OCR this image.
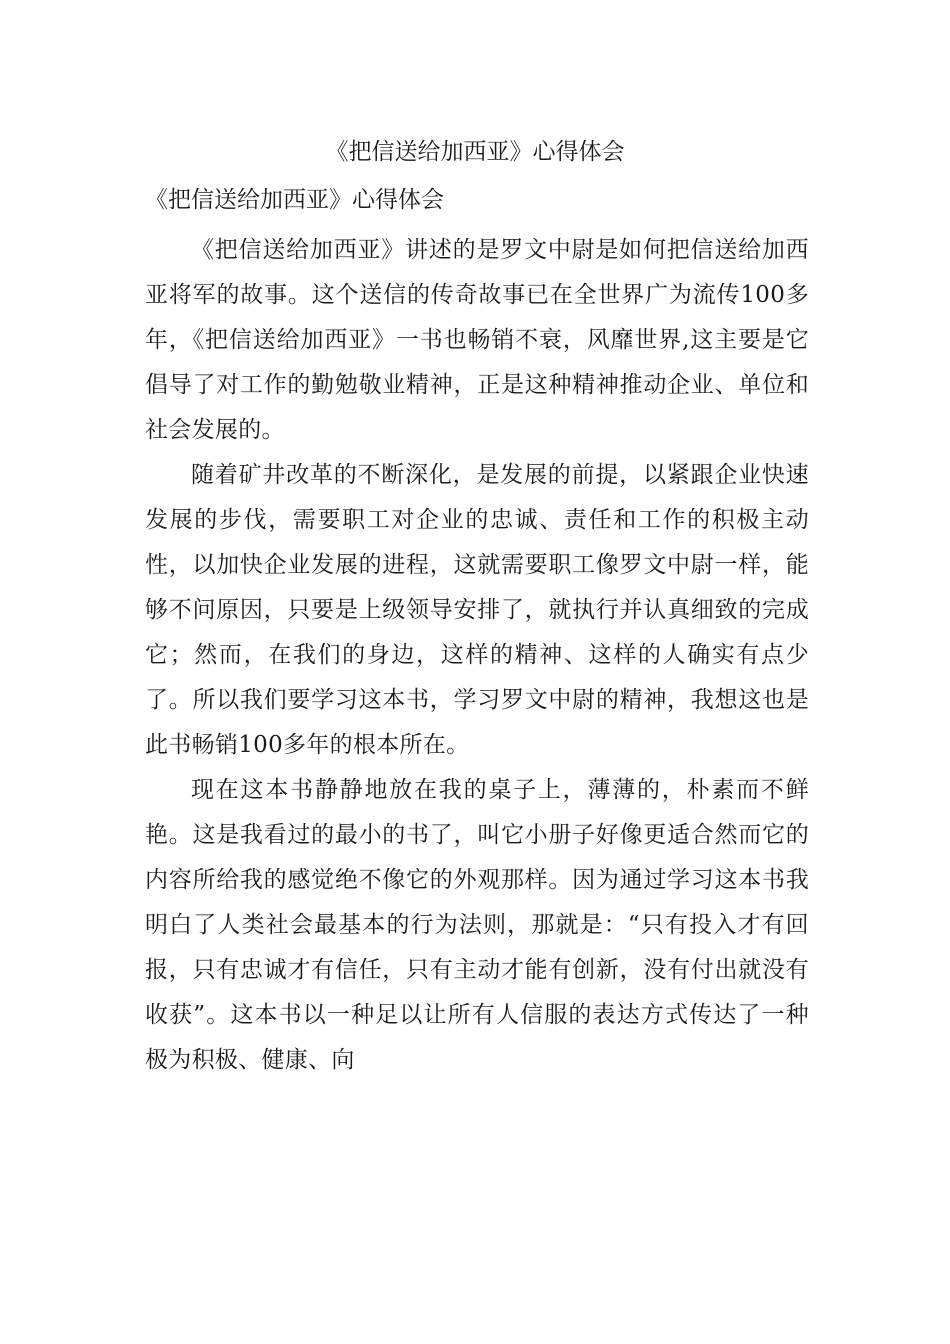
《把信送给加西亚》心得体会

《把信送给加西亚》心得体会

《把信送给加西亚》讲述的是罗文中尉是如何把信送给加西亚将军的故事。这个送信的传奇故事已在全世界广为流传100多年，《把信送给加西亚》一书也畅销不衰，风靡世界,这主要是它倡导了对工作的勤勉敬业精神，正是这种精神推动企业、单位和社会发展的。

随着矿井改革的不断深化，是发展的前提，以紧跟企业快速发展的步伐，需要职工对企业的忠诚、责任和工作的积极主动性，以加快企业发展的进程，这就需要职工像罗文中尉一样，能够不问原因，只要是上级领导安排了，就执行并认真细致的完成它；然而，在我们的身边，这样的精神、这样的人确实有点少了。所以我们要学习这本书，学习罗文中尉的精神，我想这也是此书畅销100多年的根本所在。

现在这本书静静地放在我的桌子上，薄薄的，朴素而不鲜艳。这是我看过的最小的书了，叫它小册子好像更适合然而它的内容所给我的感觉绝不像它的外观那样。因为通过学习这本书我明白了人类社会最基本的行为法则，那就是：“只有投入才有回报，只有忠诚才有信任，只有主动才能有创新，没有付出就没有收获”。这本书以一种足以让所有人信服的表达方式传达了一种极为积极、健康、向
